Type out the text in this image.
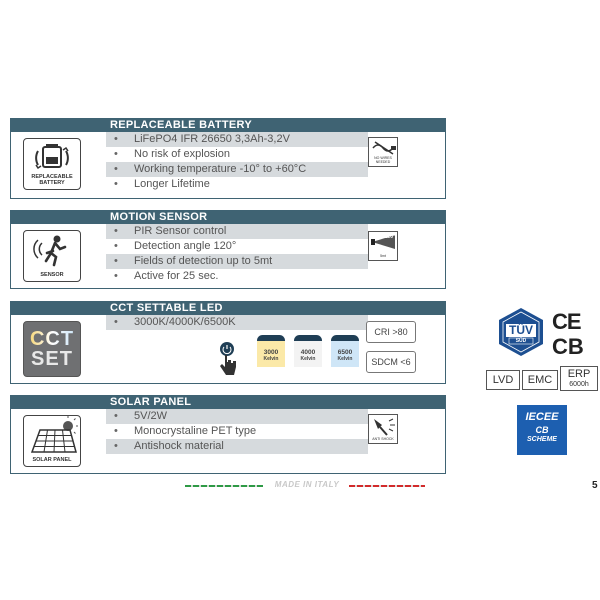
REPLACEABLE BATTERY
REPLACEABLE
BATTERY
• LiFePO4 IFR 26650 3,3Ah-3,2V
• No risk of explosion
• Working temperature -10° to +60°C
• Longer Lifetime
NO WIRES
NEEDED
MOTION SENSOR
SENSOR
• PIR Sensor control
• Detection angle 120°
• Fields of detection up to 5mt
• Active for 25 sec.
120°
5mt
CCT SETTABLE LED
CCT
SET
• 3000K/4000K/6500K
3000
Kelvin
4000
Kelvin
6500
Kelvin
CRI >80
SDCM <6
SOLAR PANEL
SOLAR PANEL
• 5V/2W
• Monocrystaline PET type
• Antishock material
ANTI SHOCK
TÜV
SÜD
CE
CB
LVD	EMC	ERP
6000h
IECEE
CB
SCHEME
MADE IN ITALY	5
